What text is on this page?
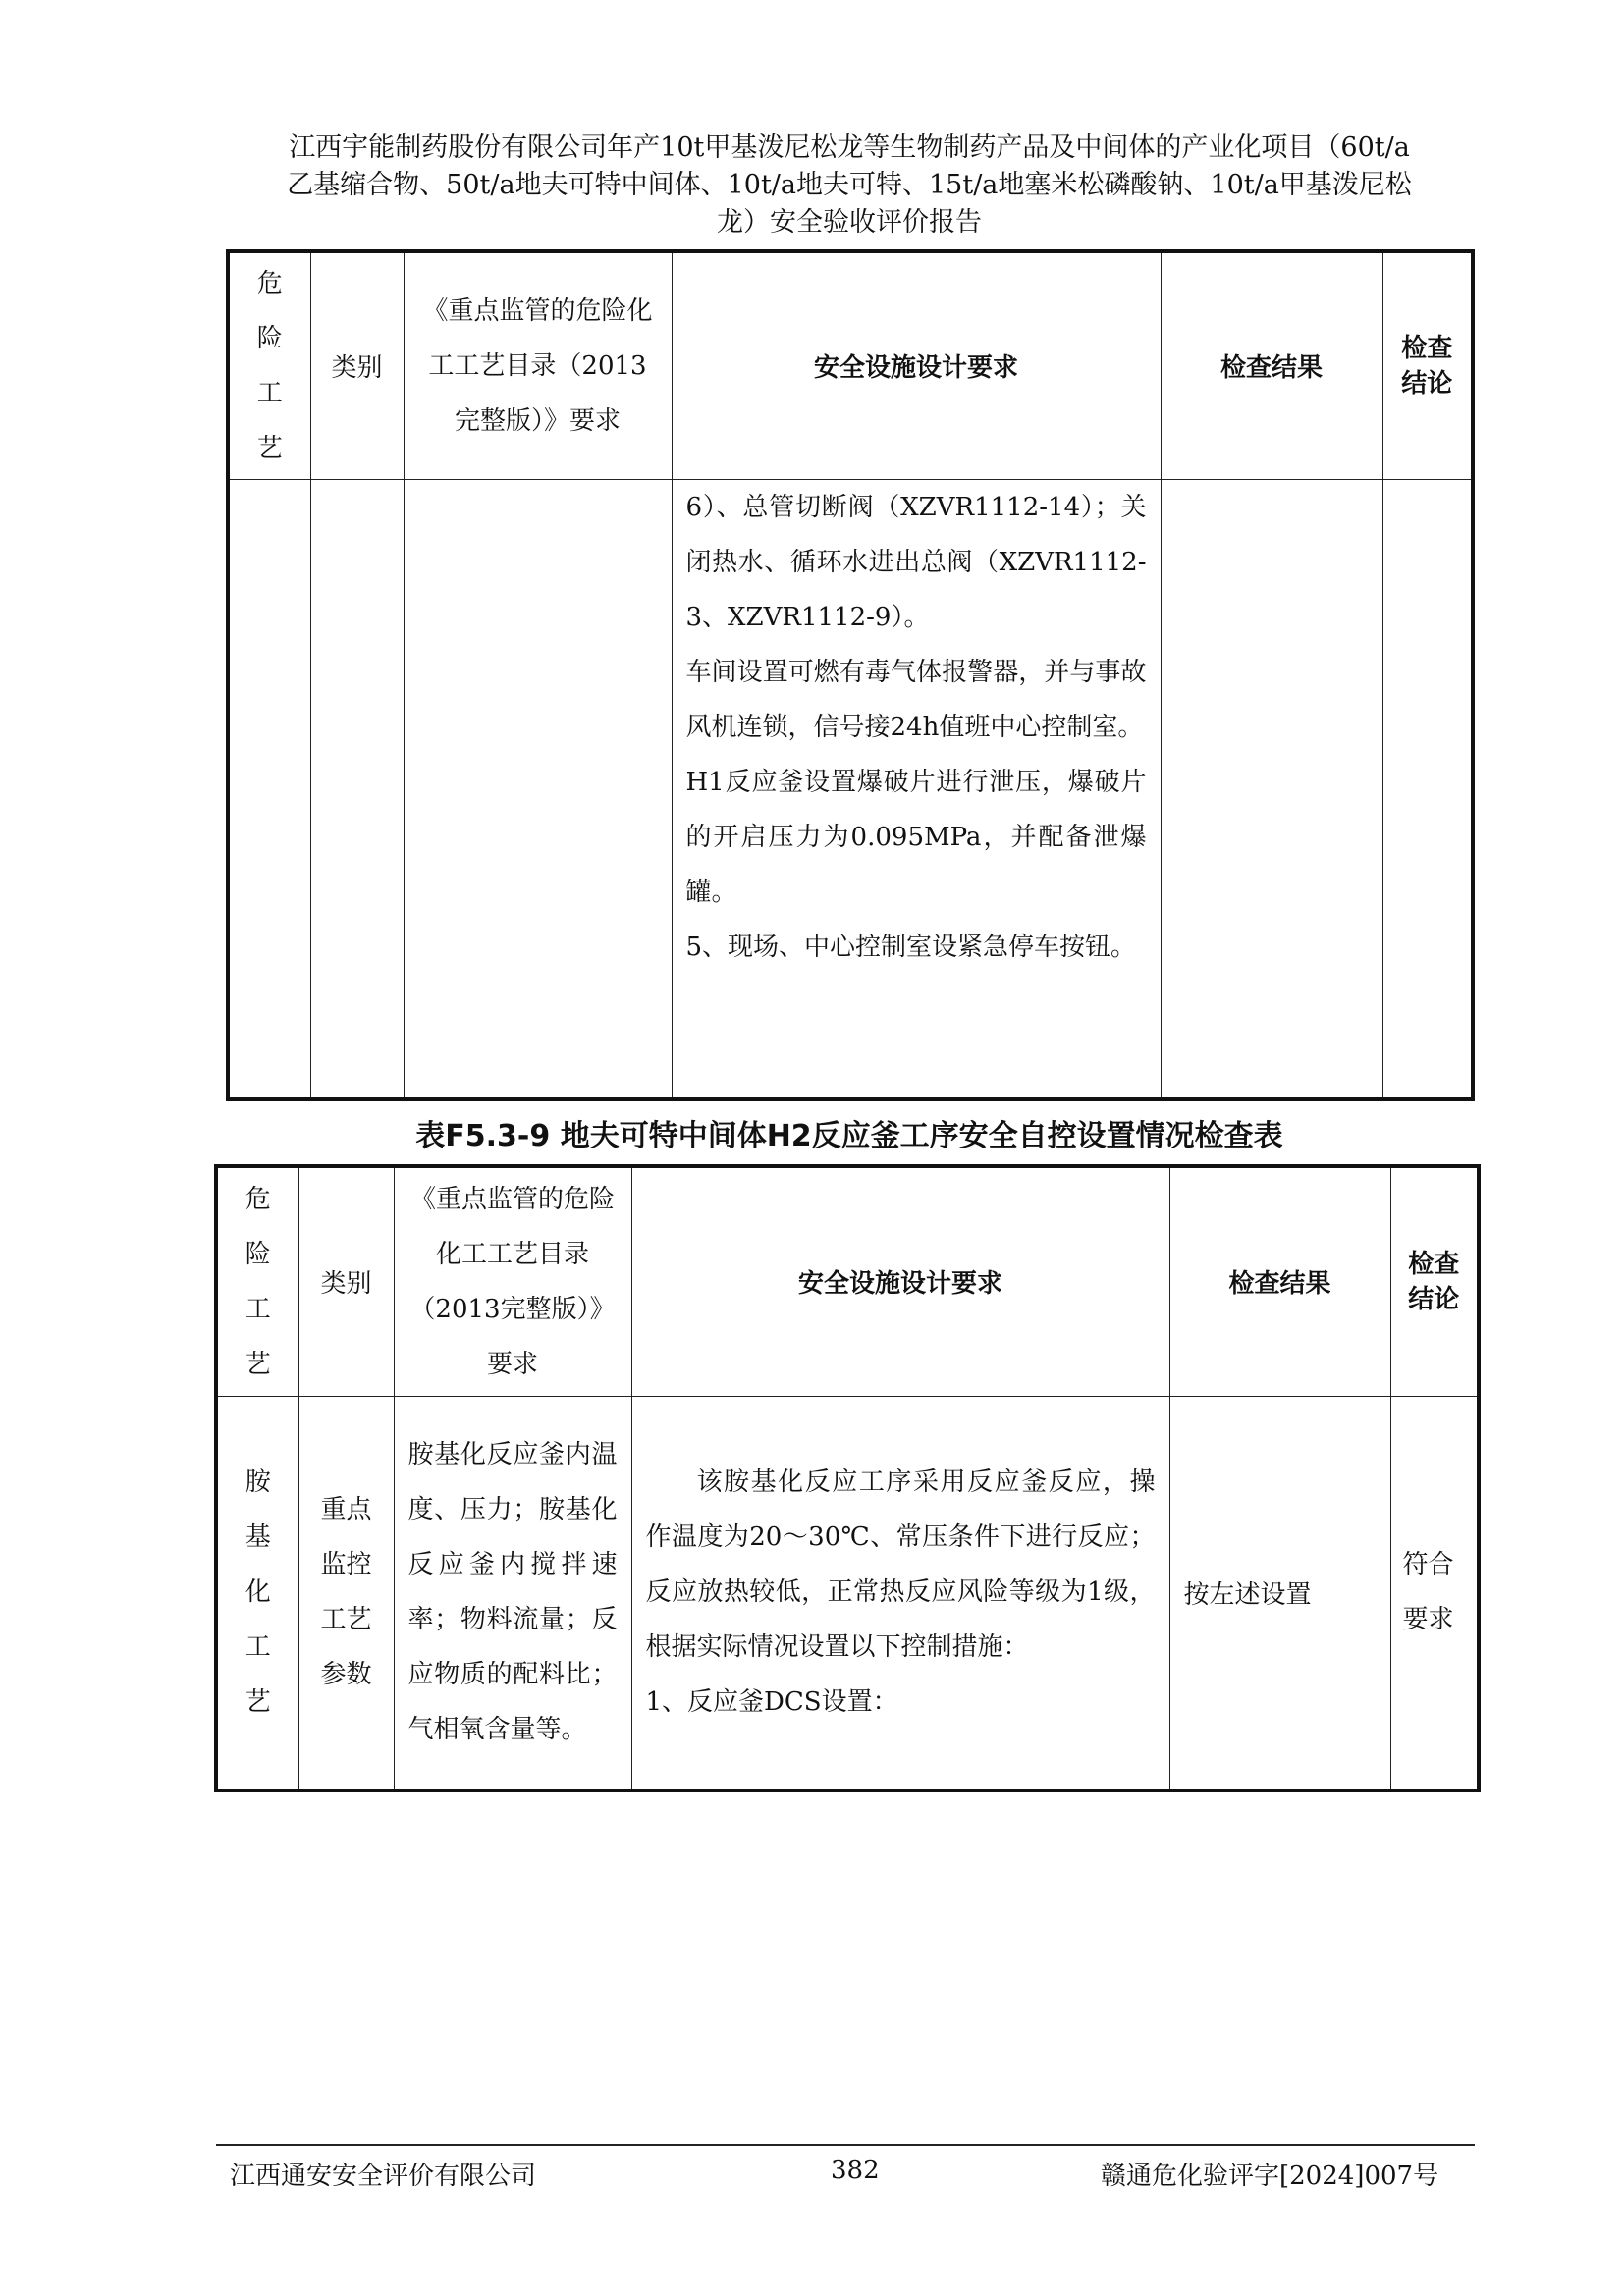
江西宇能制药股份有限公司年产10t甲基泼尼松龙等生物制药产品及中间体的产业化项目（60t/a
乙基缩合物、50t/a地夫可特中间体、10t/a地夫可特、15t/a地塞米松磷酸钠、10t/a甲基泼尼松
龙）安全验收评价报告
危险工艺	类别	《重点监管的危险化工工艺目录（2013完整版）》要求	安全设施设计要求	检查结果	检查结论

			6）、总管切断阀（XZVR1112-14）；关闭热水、循环水进出总阀（XZVR1112-3、XZVR1112-9）。

车间设置可燃有毒气体报警器，并与事故风机连锁，信号接24h值班中心控制室。

H1反应釜设置爆破片进行泄压，爆破片的开启压力为0.095MPa，并配备泄爆罐。

5、现场、中心控制室设紧急停车按钮。		

表F5.3-9 地夫可特中间体H2反应釜工序安全自控设置情况检查表
危险工艺	类别	《重点监管的危险化工工艺目录（2013完整版）》要求	安全设施设计要求	检查结果	检查结论
胺基化工艺	重点监控工艺参数	胺基化反应釜内温度、压力；胺基化反应釜内搅拌速率；物料流量；反应物质的配料比；气相氧含量等。	该胺基化反应工序采用反应釜反应，操作温度为20～30℃、常压条件下进行反应；反应放热较低，正常热反应风险等级为1级，根据实际情况设置以下控制措施：

1、反应釜DCS设置：	按左述设置	符合要求
江西通安安全评价有限公司	382	赣通危化验评字[2024]007号
